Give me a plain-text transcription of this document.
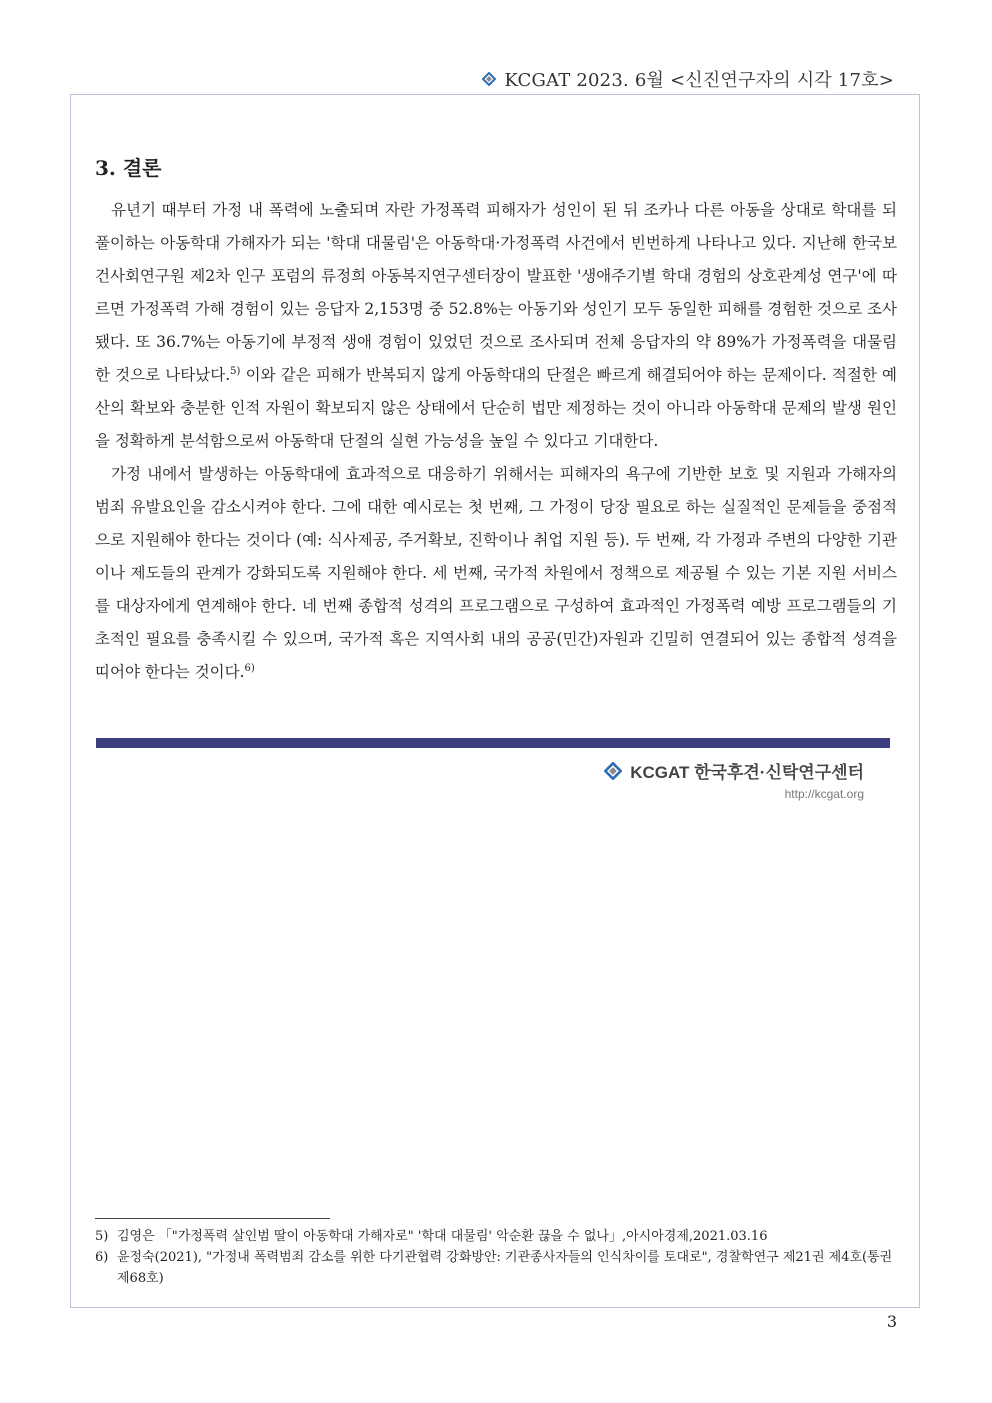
KCGAT 2023. 6월 <신진연구자의 시각 17호>
3. 결론

유년기 때부터 가정 내 폭력에 노출되며 자란 가정폭력 피해자가 성인이 된 뒤 조카나 다른 아동을 상대로 학대를 되풀이하는 아동학대 가해자가 되는 '학대 대물림'은 아동학대·가정폭력 사건에서 빈번하게 나타나고 있다. 지난해 한국보건사회연구원 제2차 인구 포럼의 류정희 아동복지연구센터장이 발표한 '생애주기별 학대 경험의 상호관계성 연구'에 따르면 가정폭력 가해 경험이 있는 응답자 2,153명 중 52.8%는 아동기와 성인기 모두 동일한 피해를 경험한 것으로 조사됐다. 또 36.7%는 아동기에 부정적 생애 경험이 있었던 것으로 조사되며 전체 응답자의 약 89%가 가정폭력을 대물림한 것으로 나타났다.$^{5)}$ 이와 같은 피해가 반복되지 않게 아동학대의 단절은 빠르게 해결되어야 하는 문제이다. 적절한 예산의 확보와 충분한 인적 자원이 확보되지 않은 상태에서 단순히 법만 제정하는 것이 아니라 아동학대 문제의 발생 원인을 정확하게 분석함으로써 아동학대 단절의 실현 가능성을 높일 수 있다고 기대한다.

가정 내에서 발생하는 아동학대에 효과적으로 대응하기 위해서는 피해자의 욕구에 기반한 보호 및 지원과 가해자의 범죄 유발요인을 감소시켜야 한다. 그에 대한 예시로는 첫 번째, 그 가정이 당장 필요로 하는 실질적인 문제들을 중점적으로 지원해야 한다는 것이다 (예: 식사제공, 주거확보, 진학이나 취업 지원 등). 두 번째, 각 가정과 주변의 다양한 기관이나 제도들의 관계가 강화되도록 지원해야 한다. 세 번째, 국가적 차원에서 정책으로 제공될 수 있는 기본 지원 서비스를 대상자에게 연계해야 한다. 네 번째 종합적 성격의 프로그램으로 구성하여 효과적인 가정폭력 예방 프로그램들의 기초적인 필요를 충족시킬 수 있으며, 국가적 혹은 지역사회 내의 공공(민간)자원과 긴밀히 연결되어 있는 종합적 성격을 띠어야 한다는 것이다.$^{6)}$

KCGAT 한국후견·신탁연구센터
http://kcgat.org
5) 김영은 「"가정폭력 살인범 딸이 아동학대 가해자로" '학대 대물림' 악순환 끊을 수 없나」,아시아경제,2021.03.16
6) 윤정숙(2021), "가정내 폭력범죄 감소를 위한 다기관협력 강화방안: 기관종사자들의 인식차이를 토대로", 경찰학연구 제21권 제4호(통권 제68호)
3
